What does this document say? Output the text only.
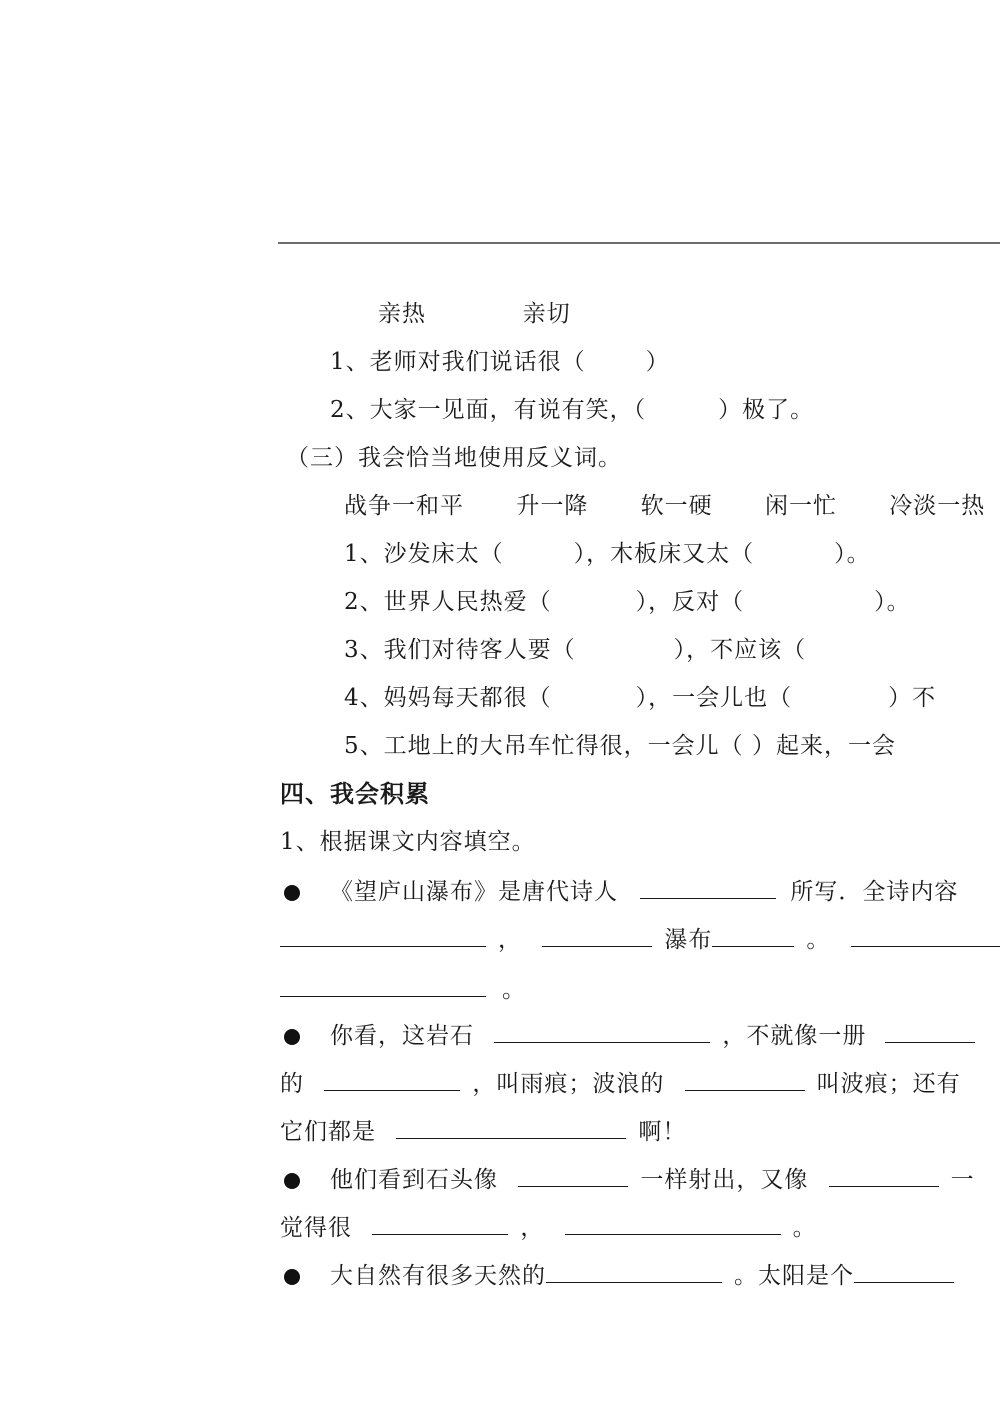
亲热	亲切
1、老师对我们说话很（	）
2、大家一见面，有说有笑，（	）极了。
（三）我会恰当地使用反义词。
战争一和平 升一降 软一硬 闲一忙 冷淡一热
1、沙发床太（	），木板床又太（	）。
2、世界人民热爱（	），反对（	）。
3、我们对待客人要（	），不应该（
4、妈妈每天都很（	），一会儿也（	）不
5、工地上的大吊车忙得很，一会儿（ ）起来，一会
四、我会积累
1、根据课文内容填空。
《望庐山瀑布》是唐代诗人	所写．全诗内容
，	瀑布	。
。
你看，这岩石	，不就像一册
的	，叫雨痕；波浪的	叫波痕；还有
它们都是	啊！
他们看到石头像	一样射出，又像	一
觉得很	，	。
大自然有很多天然的	。太阳是个
